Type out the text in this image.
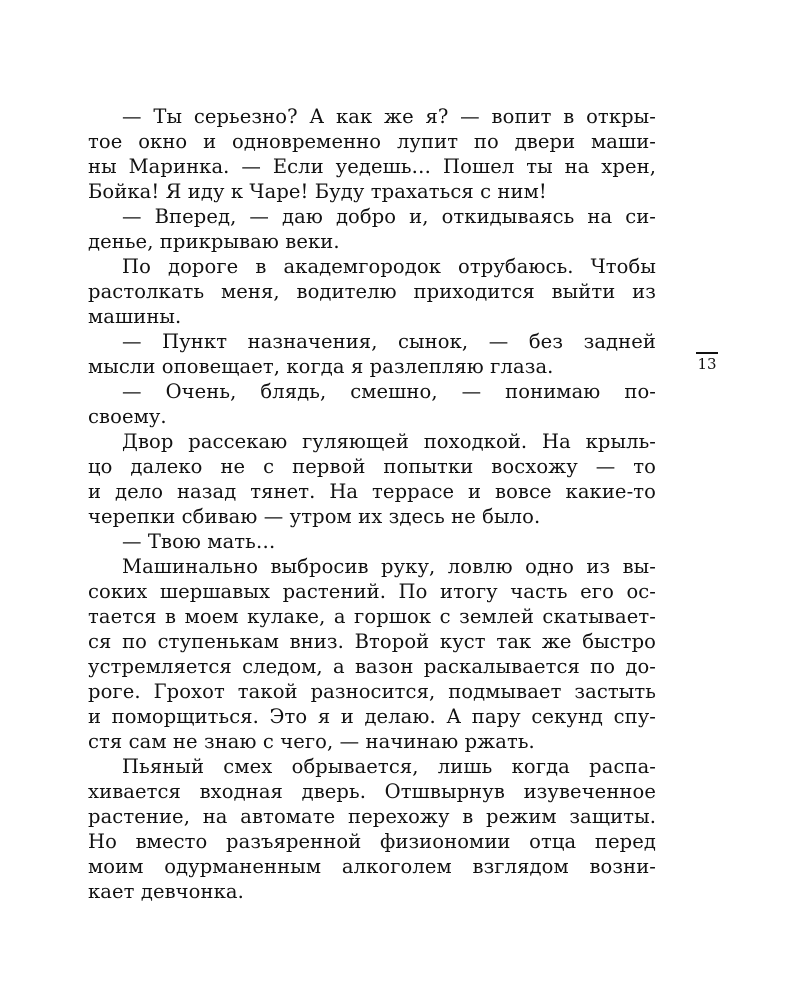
— Ты серьезно? А как же я? — вопит в откры-
тое окно и одновременно лупит по двери маши-
ны Маринка. — Если уедешь… Пошел ты на хрен,
Бойка! Я иду к Чаре! Буду трахаться с ним!
— Вперед, — даю добро и, откидываясь на си-
денье, прикрываю веки.
По дороге в академгородок отрубаюсь. Чтобы
растолкать меня, водителю приходится выйти из
машины.
— Пункт назначения, сынок, — без задней
мысли оповещает, когда я разлепляю глаза.
— Очень, блядь, смешно, — понимаю по-
своему.
Двор рассекаю гуляющей походкой. На крыль-
цо далеко не с первой попытки восхожу — то
и дело назад тянет. На террасе и вовсе какие-то
черепки сбиваю — утром их здесь не было.
— Твою мать…
Машинально выбросив руку, ловлю одно из вы-
соких шершавых растений. По итогу часть его ос-
тается в моем кулаке, а горшок с землей скатывает-
ся по ступенькам вниз. Второй куст так же быстро
устремляется следом, а вазон раскалывается по до-
роге. Грохот такой разносится, подмывает застыть
и поморщиться. Это я и делаю. А пару секунд спу-
стя сам не знаю с чего, — начинаю ржать.
Пьяный смех обрывается, лишь когда распа-
хивается входная дверь. Отшвырнув изувеченное
растение, на автомате перехожу в режим защиты.
Но вместо разъяренной физиономии отца перед
моим одурманенным алкоголем взглядом возни-
кает девчонка.
13
